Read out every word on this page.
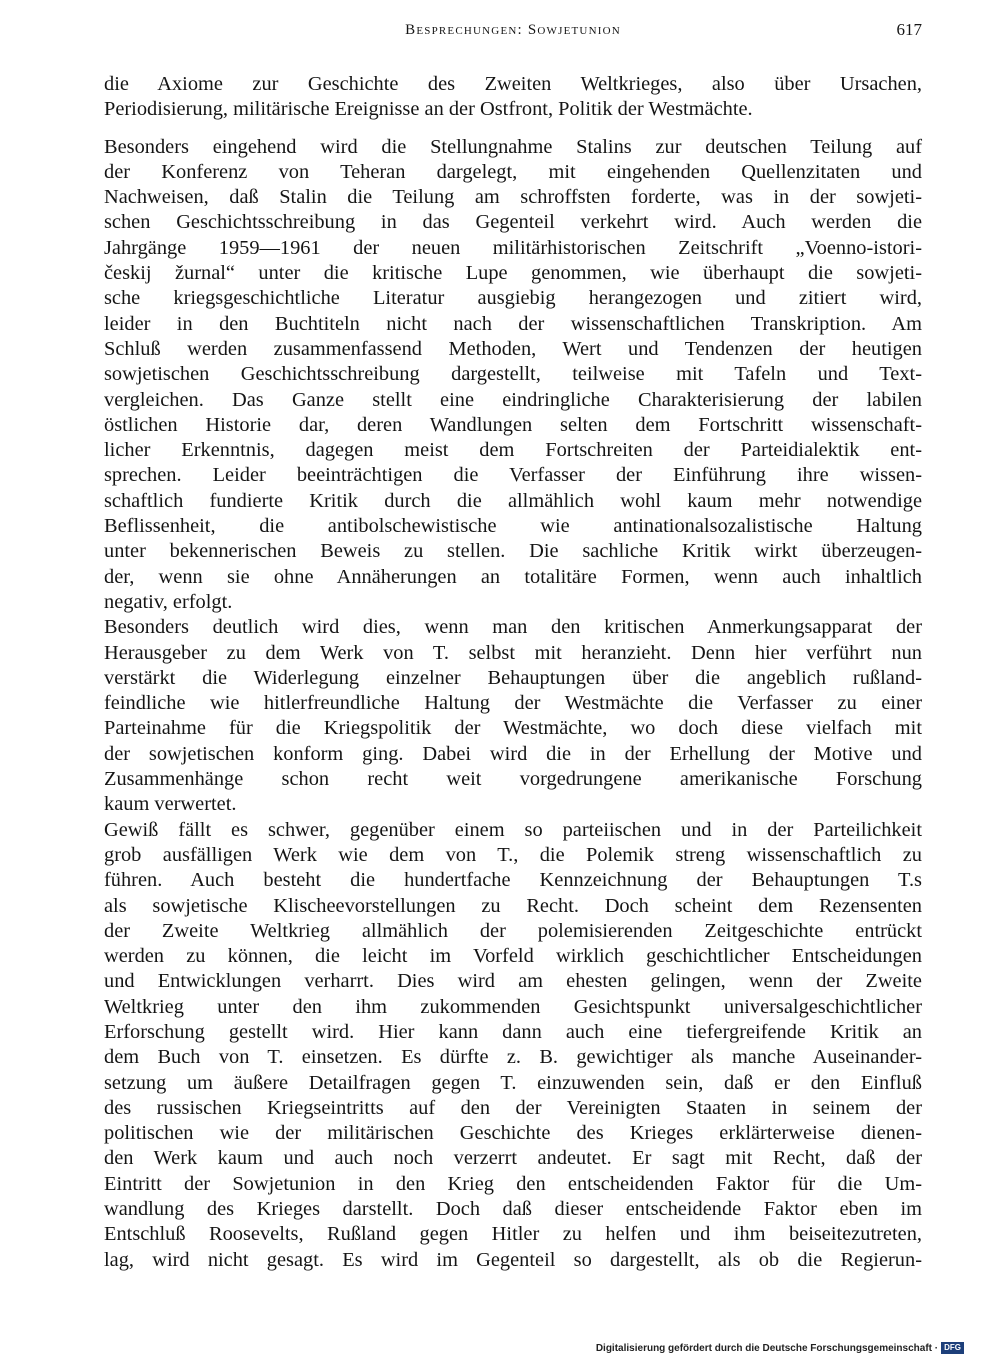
Besprechungen: Sowjetunion	617
die Axiome zur Geschichte des Zweiten Weltkrieges, also über Ursachen,
Periodisierung, militärische Ereignisse an der Ostfront, Politik der Westmächte.
Besonders eingehend wird die Stellungnahme Stalins zur deutschen Teilung auf
der Konferenz von Teheran dargelegt, mit eingehenden Quellenzitaten und
Nachweisen, daß Stalin die Teilung am schroffsten forderte, was in der sowjeti-
schen Geschichtsschreibung in das Gegenteil verkehrt wird. Auch werden die
Jahrgänge 1959—1961 der neuen militärhistorischen Zeitschrift „Voenno-istori-
českij žurnal“ unter die kritische Lupe genommen, wie überhaupt die sowjeti-
sche kriegsgeschichtliche Literatur ausgiebig herangezogen und zitiert wird,
leider in den Buchtiteln nicht nach der wissenschaftlichen Transkription. Am
Schluß werden zusammenfassend Methoden, Wert und Tendenzen der heutigen
sowjetischen Geschichtsschreibung dargestellt, teilweise mit Tafeln und Text-
vergleichen. Das Ganze stellt eine eindringliche Charakterisierung der labilen
östlichen Historie dar, deren Wandlungen selten dem Fortschritt wissenschaft-
licher Erkenntnis, dagegen meist dem Fortschreiten der Parteidialektik ent-
sprechen. Leider beeinträchtigen die Verfasser der Einführung ihre wissen-
schaftlich fundierte Kritik durch die allmählich wohl kaum mehr notwendige
Beflissenheit, die antibolschewistische wie antinationalsozalistische Haltung
unter bekennerischen Beweis zu stellen. Die sachliche Kritik wirkt überzeugen-
der, wenn sie ohne Annäherungen an totalitäre Formen, wenn auch inhaltlich
negativ, erfolgt.
Besonders deutlich wird dies, wenn man den kritischen Anmerkungsapparat der
Herausgeber zu dem Werk von T. selbst mit heranzieht. Denn hier verführt nun
verstärkt die Widerlegung einzelner Behauptungen über die angeblich rußland-
feindliche wie hitlerfreundliche Haltung der Westmächte die Verfasser zu einer
Parteinahme für die Kriegspolitik der Westmächte, wo doch diese vielfach mit
der sowjetischen konform ging. Dabei wird die in der Erhellung der Motive und
Zusammenhänge schon recht weit vorgedrungene amerikanische Forschung
kaum verwertet.
Gewiß fällt es schwer, gegenüber einem so parteiischen und in der Parteilichkeit
grob ausfälligen Werk wie dem von T., die Polemik streng wissenschaftlich zu
führen. Auch besteht die hundertfache Kennzeichnung der Behauptungen T.s
als sowjetische Klischeevorstellungen zu Recht. Doch scheint dem Rezensenten
der Zweite Weltkrieg allmählich der polemisierenden Zeitgeschichte entrückt
werden zu können, die leicht im Vorfeld wirklich geschichtlicher Entscheidungen
und Entwicklungen verharrt. Dies wird am ehesten gelingen, wenn der Zweite
Weltkrieg unter den ihm zukommenden Gesichtspunkt universalgeschichtlicher
Erforschung gestellt wird. Hier kann dann auch eine tiefergreifende Kritik an
dem Buch von T. einsetzen. Es dürfte z. B. gewichtiger als manche Auseinander-
setzung um äußere Detailfragen gegen T. einzuwenden sein, daß er den Einfluß
des russischen Kriegseintritts auf den der Vereinigten Staaten in seinem der
politischen wie der militärischen Geschichte des Krieges erklärterweise dienen-
den Werk kaum und auch noch verzerrt andeutet. Er sagt mit Recht, daß der
Eintritt der Sowjetunion in den Krieg den entscheidenden Faktor für die Um-
wandlung des Krieges darstellt. Doch daß dieser entscheidende Faktor eben im
Entschluß Roosevelts, Rußland gegen Hitler zu helfen und ihm beiseitezutreten,
lag, wird nicht gesagt. Es wird im Gegenteil so dargestellt, als ob die Regierun-
Digitalisierung gefördert durch die Deutsche Forschungsgemeinschaft · DFG
